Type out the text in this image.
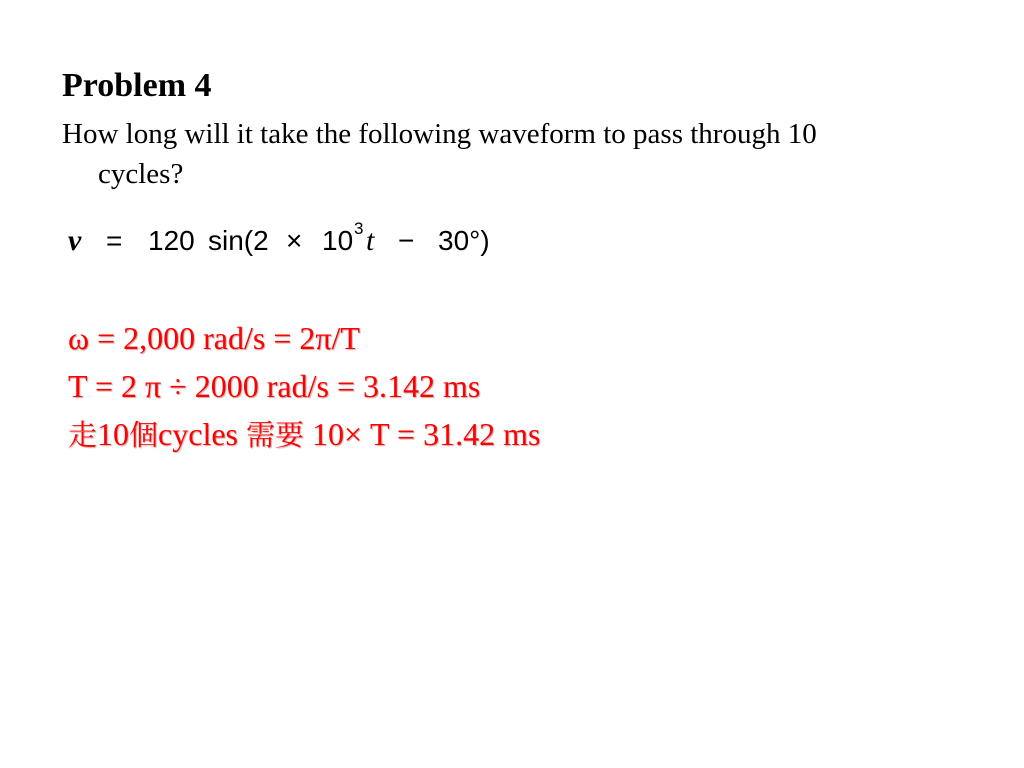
Problem 4
How long will it take the following waveform to pass through 10
cycles?
v = 120 sin(2 × 10 3 t − 30°)
ω = 2,000 rad/s = 2π/T
T = 2 π ÷ 2000 rad/s = 3.142 ms
走10個cycles 需要 10× T = 31.42 ms
